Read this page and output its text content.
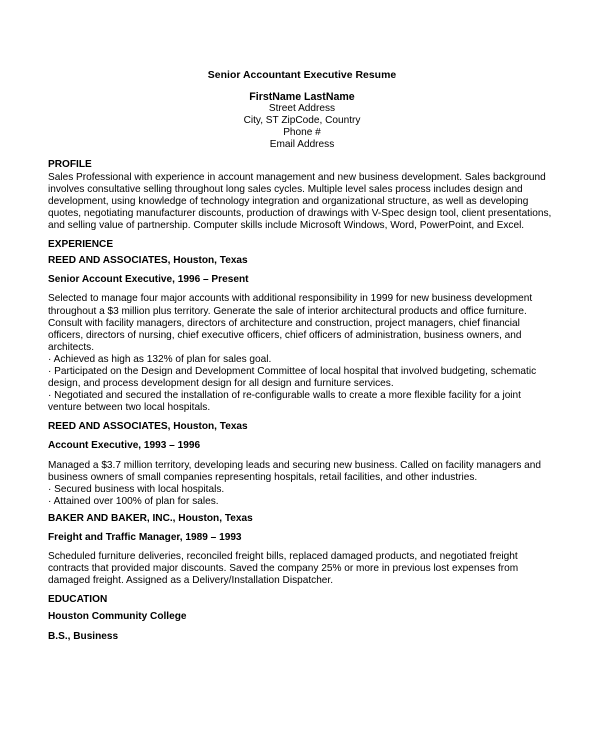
Senior Accountant Executive Resume
FirstName LastName
Street Address
City, ST ZipCode, Country
Phone #
Email Address
PROFILE
Sales Professional with experience in account management and new business development. Sales background involves consultative selling throughout long sales cycles. Multiple level sales process includes design and development, using knowledge of technology integration and organizational structure, as well as developing quotes, negotiating manufacturer discounts, production of drawings with V-Spec design tool, client presentations, and selling value of partnership. Computer skills include Microsoft Windows, Word, PowerPoint, and Excel.
EXPERIENCE
REED AND ASSOCIATES, Houston, Texas
Senior Account Executive, 1996 – Present

Selected to manage four major accounts with additional responsibility in 1999 for new business development throughout a $3 million plus territory. Generate the sale of interior architectural products and office furniture. Consult with facility managers, directors of architecture and construction, project managers, chief financial officers, directors of nursing, chief executive officers, chief officers of administration, business owners, and architects.

· Achieved as high as 132% of plan for sales goal.
· Participated on the Design and Development Committee of local hospital that involved budgeting, schematic design, and process development design for all design and furniture services.
· Negotiated and secured the installation of re-configurable walls to create a more flexible facility for a joint venture between two local hospitals.
REED AND ASSOCIATES, Houston, Texas
Account Executive, 1993 – 1996

Managed a $3.7 million territory, developing leads and securing new business. Called on facility managers and business owners of small companies representing hospitals, retail facilities, and other industries.

· Secured business with local hospitals.
· Attained over 100% of plan for sales.
BAKER AND BAKER, INC., Houston, Texas
Freight and Traffic Manager, 1989 – 1993

Scheduled furniture deliveries, reconciled freight bills, replaced damaged products, and negotiated freight contracts that provided major discounts. Saved the company 25% or more in previous lost expenses from damaged freight. Assigned as a Delivery/Installation Dispatcher.

EDUCATION
Houston Community College
B.S., Business
